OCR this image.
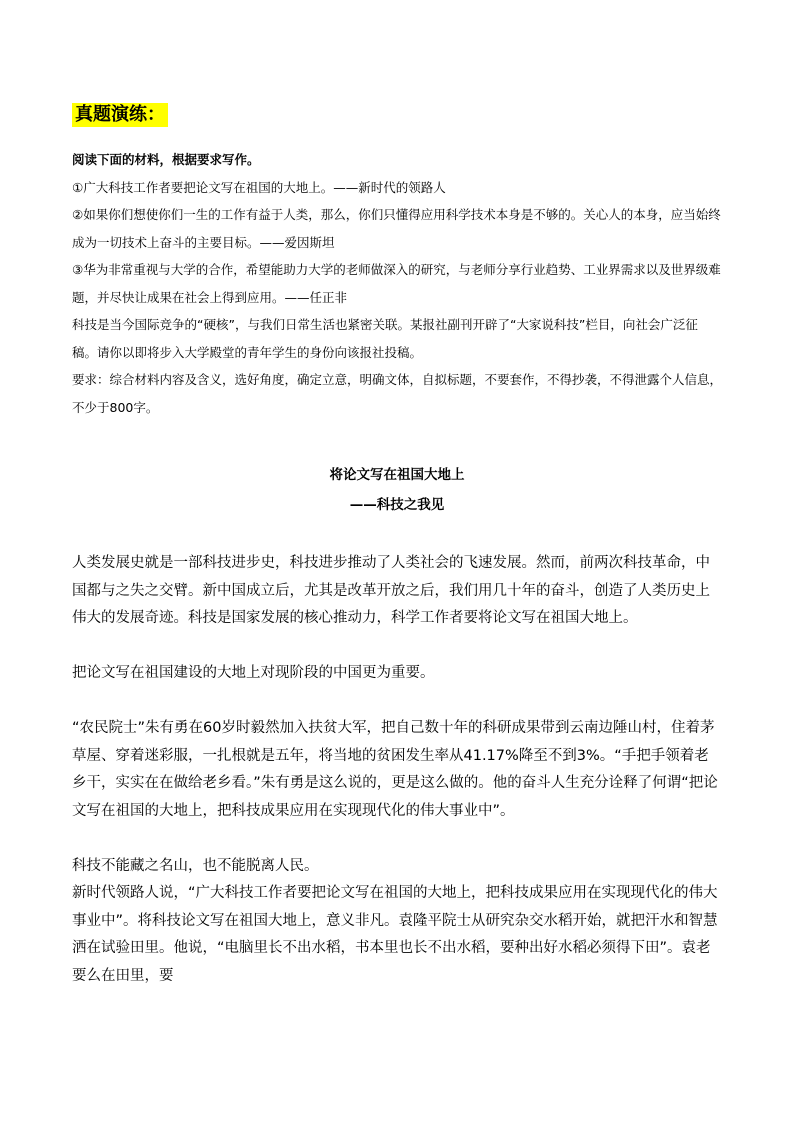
真题演练：

阅读下面的材料，根据要求写作。

①广大科技工作者要把论文写在祖国的大地上。——新时代的领路人

②如果你们想使你们一生的工作有益于人类，那么，你们只懂得应用科学技术本身是不够的。关心人的本身，应当始终成为一切技术上奋斗的主要目标。——爱因斯坦

③华为非常重视与大学的合作，希望能助力大学的老师做深入的研究，与老师分享行业趋势、工业界需求以及世界级难题，并尽快让成果在社会上得到应用。——任正非

科技是当今国际竞争的“硬核”，与我们日常生活也紧密关联。某报社副刊开辟了“大家说科技”栏目，向社会广泛征稿。请你以即将步入大学殿堂的青年学生的身份向该报社投稿。

要求：综合材料内容及含义，选好角度，确定立意，明确文体，自拟标题，不要套作，不得抄袭，不得泄露个人信息，不少于800字。

将论文写在祖国大地上
——科技之我见

人类发展史就是一部科技进步史，科技进步推动了人类社会的飞速发展。然而，前两次科技革命，中国都与之失之交臂。新中国成立后，尤其是改革开放之后，我们用几十年的奋斗，创造了人类历史上伟大的发展奇迹。科技是国家发展的核心推动力，科学工作者要将论文写在祖国大地上。

把论文写在祖国建设的大地上对现阶段的中国更为重要。

“农民院士”朱有勇在60岁时毅然加入扶贫大军，把自己数十年的科研成果带到云南边陲山村，住着茅草屋、穿着迷彩服，一扎根就是五年，将当地的贫困发生率从41.17%降至不到3%。“手把手领着老乡干，实实在在做给老乡看。”朱有勇是这么说的，更是这么做的。他的奋斗人生充分诠释了何谓“把论文写在祖国的大地上，把科技成果应用在实现现代化的伟大事业中”。

科技不能藏之名山，也不能脱离人民。

新时代领路人说，“广大科技工作者要把论文写在祖国的大地上，把科技成果应用在实现现代化的伟大事业中”。将科技论文写在祖国大地上，意义非凡。袁隆平院士从研究杂交水稻开始，就把汗水和智慧洒在试验田里。他说，“电脑里长不出水稻，书本里也长不出水稻，要种出好水稻必须得下田”。袁老要么在田里，要
